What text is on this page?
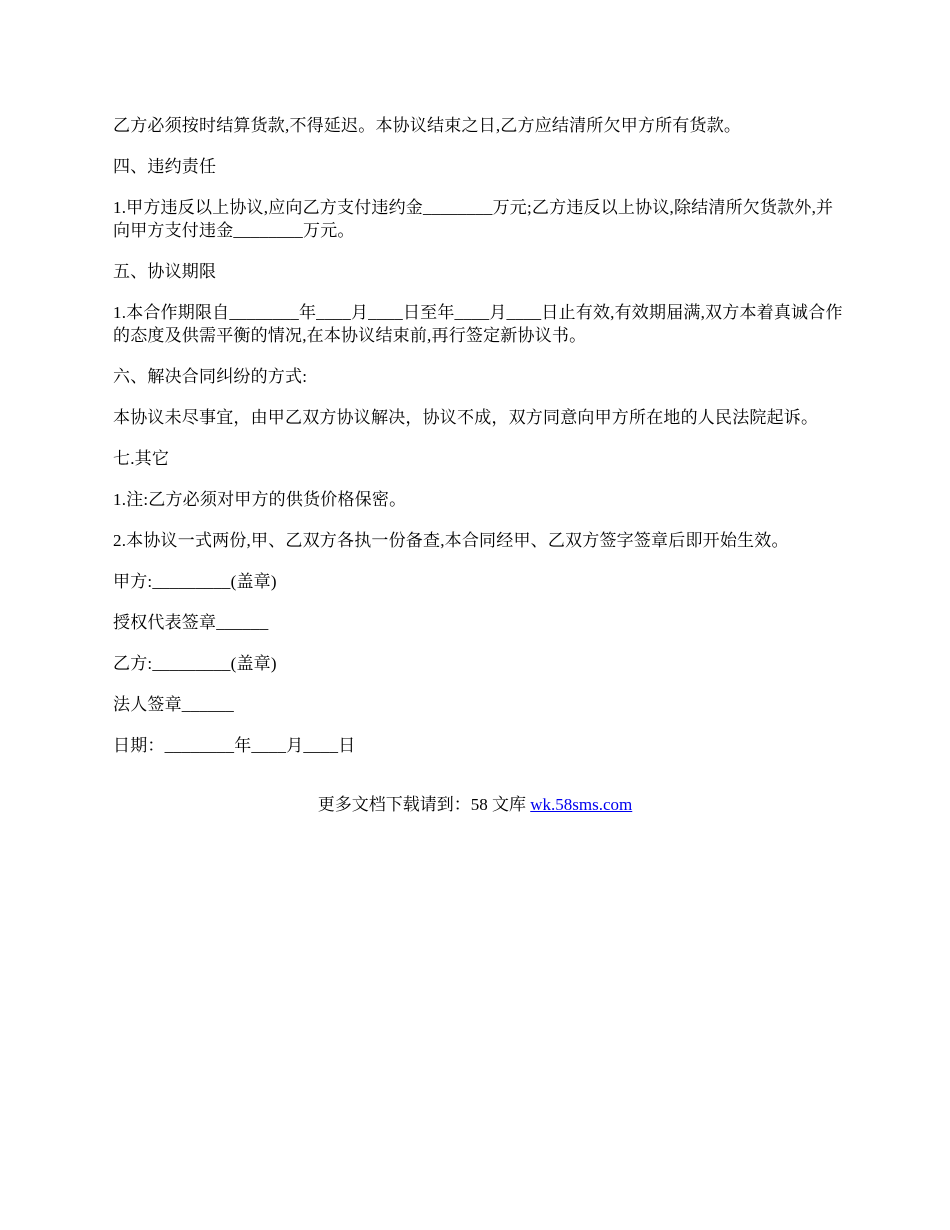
乙方必须按时结算货款,不得延迟。本协议结束之日,乙方应结清所欠甲方所有货款。

四、违约责任

1.甲方违反以上协议,应向乙方支付违约金________万元;乙方违反以上协议,除结清所欠货款外,并向甲方支付违金________万元。

五、协议期限

1.本合作期限自________年____月____日至年____月____日止有效,有效期届满,双方本着真诚合作的态度及供需平衡的情况,在本协议结束前,再行签定新协议书。

六、解决合同纠纷的方式:

本协议未尽事宜，由甲乙双方协议解决，协议不成，双方同意向甲方所在地的人民法院起诉。

七.其它

1.注:乙方必须对甲方的供货价格保密。

2.本协议一式两份,甲、乙双方各执一份备查,本合同经甲、乙双方签字签章后即开始生效。

甲方:_________(盖章)

授权代表签章______

乙方:_________(盖章)

法人签章______

日期：________年____月____日

更多文档下载请到：58 文库 wk.58sms.com
